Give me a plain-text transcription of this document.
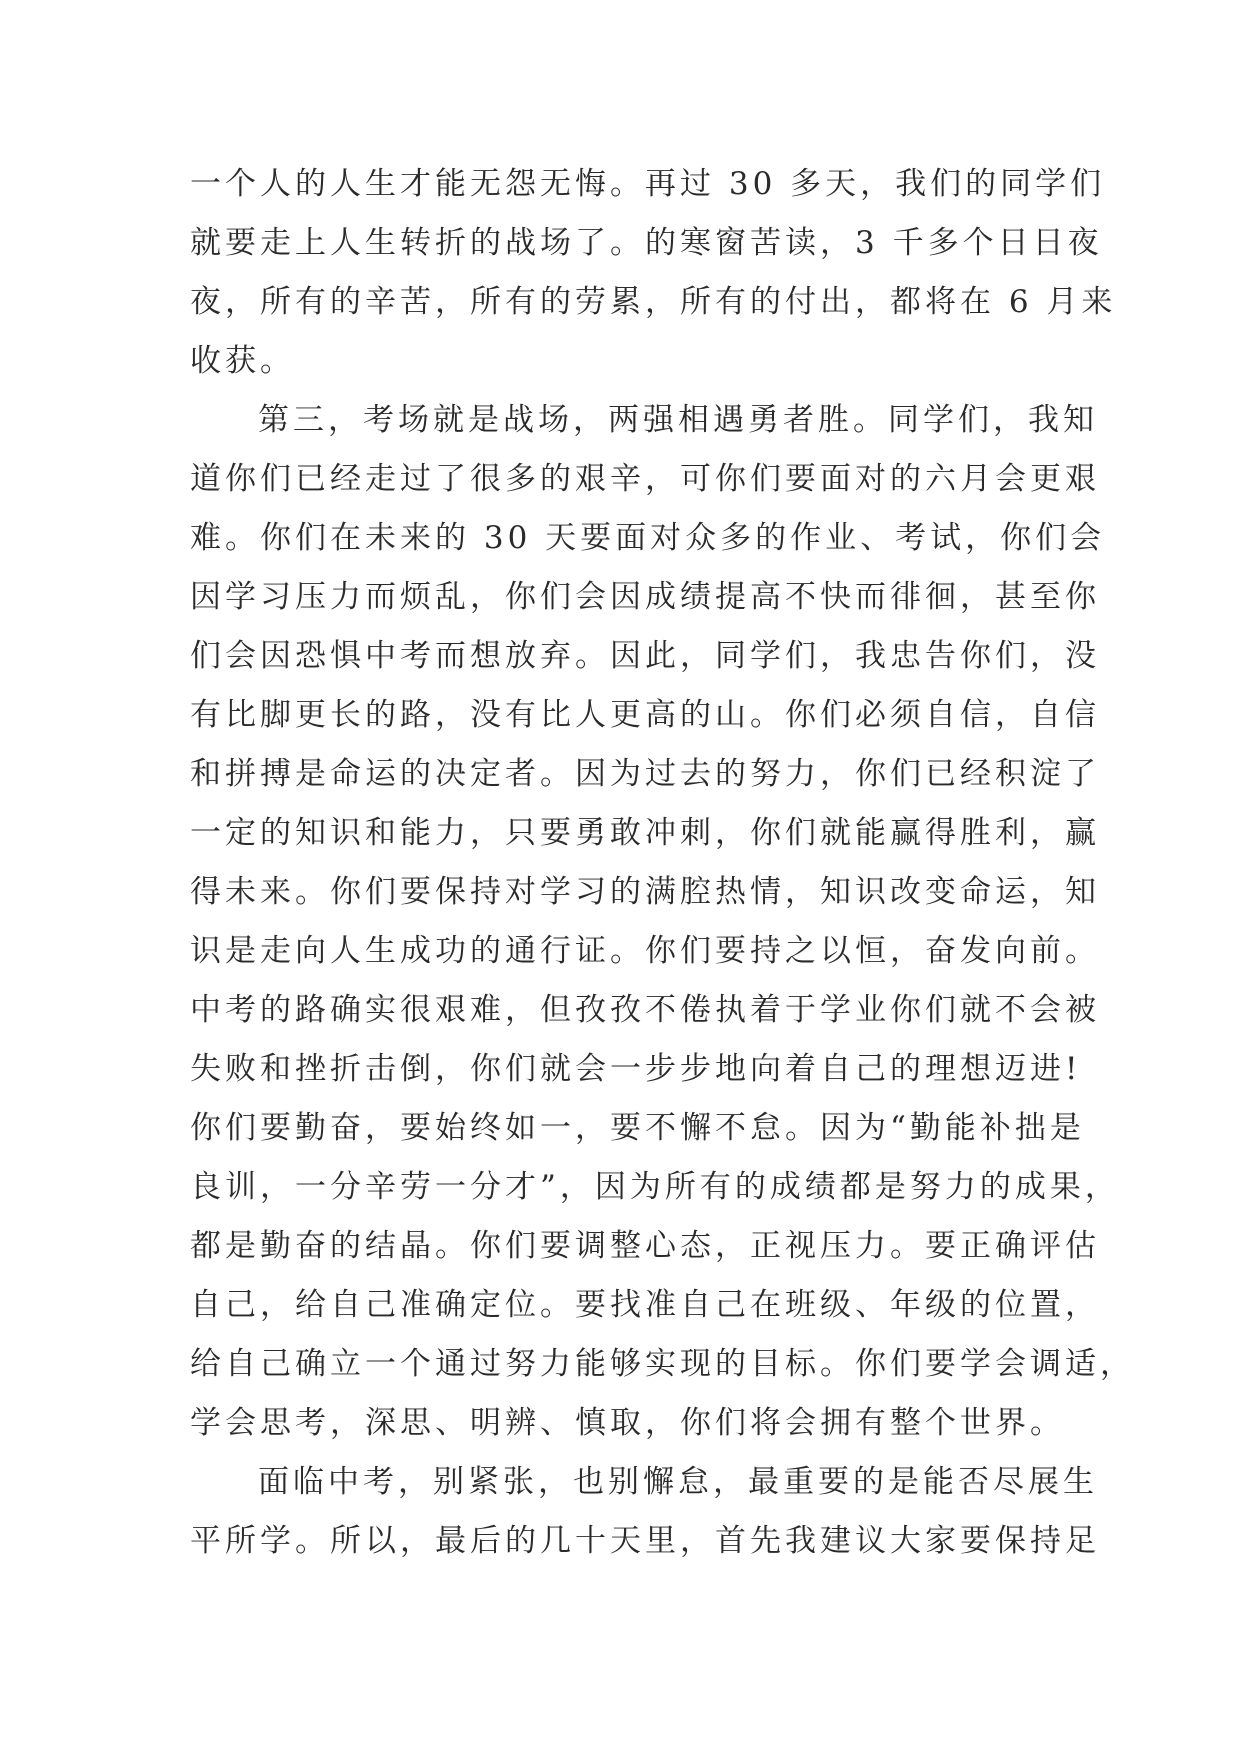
一个人的人生才能无怨无悔。再过 30 多天，我们的同学们
就要走上人生转折的战场了。的寒窗苦读，3 千多个日日夜
夜，所有的辛苦，所有的劳累，所有的付出，都将在 6 月来
收获。
第三，考场就是战场，两强相遇勇者胜。同学们，我知
道你们已经走过了很多的艰辛，可你们要面对的六月会更艰
难。你们在未来的 30 天要面对众多的作业、考试，你们会
因学习压力而烦乱，你们会因成绩提高不快而徘徊，甚至你
们会因恐惧中考而想放弃。因此，同学们，我忠告你们，没
有比脚更长的路，没有比人更高的山。你们必须自信，自信
和拼搏是命运的决定者。因为过去的努力，你们已经积淀了
一定的知识和能力，只要勇敢冲刺，你们就能赢得胜利，赢
得未来。你们要保持对学习的满腔热情，知识改变命运，知
识是走向人生成功的通行证。你们要持之以恒，奋发向前。
中考的路确实很艰难，但孜孜不倦执着于学业你们就不会被
失败和挫折击倒，你们就会一步步地向着自己的理想迈进!
你们要勤奋，要始终如一，要不懈不怠。因为“勤能补拙是
良训，一分辛劳一分才”，因为所有的成绩都是努力的成果，
都是勤奋的结晶。你们要调整心态，正视压力。要正确评估
自己，给自己准确定位。要找准自己在班级、年级的位置，
给自己确立一个通过努力能够实现的目标。你们要学会调适，
学会思考，深思、明辨、慎取，你们将会拥有整个世界。
面临中考，别紧张，也别懈怠，最重要的是能否尽展生
平所学。所以，最后的几十天里，首先我建议大家要保持足
